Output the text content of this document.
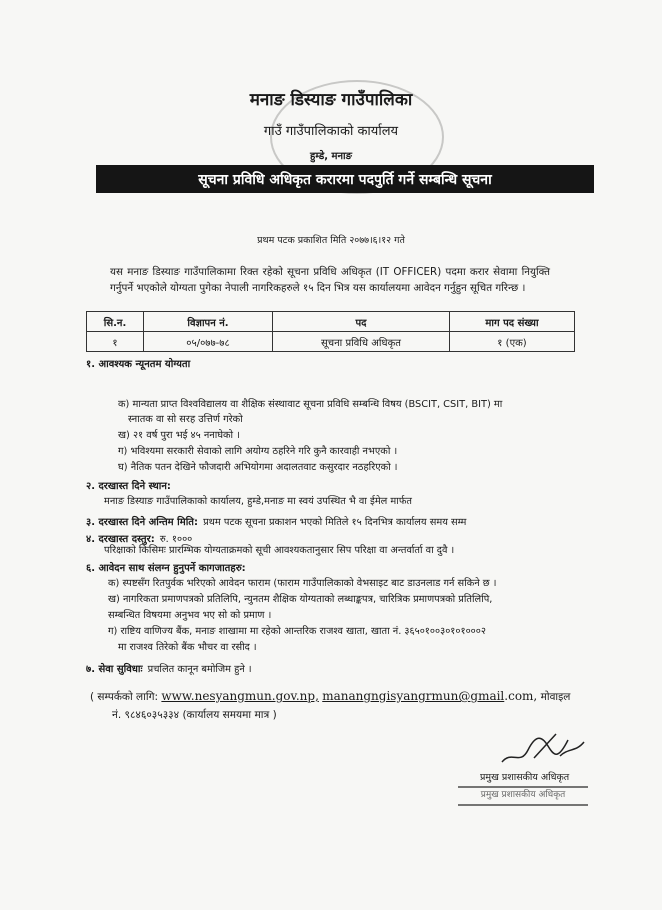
मनाङ डिस्याङ गाउँपालिका
गाउँ गाउँपालिकाको कार्यालय
हुम्डे, मनाङ
सूचना प्रविधि अधिकृत करारमा पदपुर्ति गर्ने सम्बन्धि सूचना
प्रथम पटक प्रकाशित मिति २०७७।६।१२ गते
यस मनाङ डिस्याङ गाउँपालिकामा रिक्त रहेको सूचना प्रविधि अधिकृत (IT OFFICER) पदमा करार सेवामा नियुक्ति गर्नुपर्ने भएकोले योग्यता पुगेका नेपाली नागरिकहरुले १५ दिन भित्र यस कार्यालयमा आवेदन गर्नुहुन सूचित गरिन्छ ।
सि.न.	विज्ञापन नं.	पद	माग पद संख्या
१	०५/०७७-७८	सूचना प्रविधि अधिकृत	१ (एक)
१. आवश्यक न्यूनतम योग्यता
क) मान्यता प्राप्त विश्वविद्यालय वा शैक्षिक संस्थावाट सूचना प्रविधि सम्बन्धि विषय (BSCIT, CSIT, BIT) मा
स्नातक वा सो सरह उत्तिर्ण गरेको
ख) २१ वर्ष पुरा भई ४५ ननाघेको ।
ग) भविश्यमा सरकारी सेवाको लागि अयोग्य ठहरिने गरि कुनै कारवाही नभएको ।
घ) नैतिक पतन देखिने फौजदारी अभियोगमा अदालतवाट कसुरदार नठहरिएको ।
२. दरखास्त दिने स्थान:
मनाङ डिस्याङ गाउँपालिकाको कार्यालय, हुम्डे,मनाङ मा स्वयं उपस्थित भै वा ईमेल मार्फत
३. दरखास्त दिने अन्तिम मिति: प्रथम पटक सूचना प्रकाशन भएको मितिले १५ दिनभित्र कार्यालय समय सम्म
४. दरखास्त दस्तुर: रु. १०००
परिक्षाको किसिमः प्रारम्भिक योग्यताक्रमको सूची आवश्यकतानुसार सिप परिक्षा वा अन्तर्वार्ता वा दुवै ।
६. आवेदन साथ संलग्न हुनुपर्ने कागजातहरु:
क) स्पष्टसँग रितपुर्वक भरिएको आवेदन फाराम (फाराम गाउँपालिकाको वेभसाइट बाट डाउनलाड गर्न सकिने छ ।
ख) नागरिकता प्रमाणपत्रको प्रतिलिपि, न्युनतम शैक्षिक योग्यताको लब्धाङ्कपत्र, चारित्रिक प्रमाणपत्रको प्रतिलिपि,
सम्बन्धित विषयमा अनुभव भए सो को प्रमाण ।
ग) राष्टिय वाणिज्य बैंक, मनाङ शाखामा मा रहेको आन्तरिक राजश्व खाता, खाता नं. ३६५०१००३०१०१०००२
मा राजश्व तिरेको बैंक भौचर वा रसीद ।
७. सेवा सुविधाः प्रचलित कानून बमोजिम हुने ।
( सम्पर्कको लागि: www.nesyangmun.gov.np, manangngisyangrmun@gmail.com, मोवाइल
नं. ९८४६०३५३३४ (कार्यालय समयमा मात्र )
प्रमुख प्रशासकीय अधिकृत
प्रमुख प्रशासकीय अधिकृत
